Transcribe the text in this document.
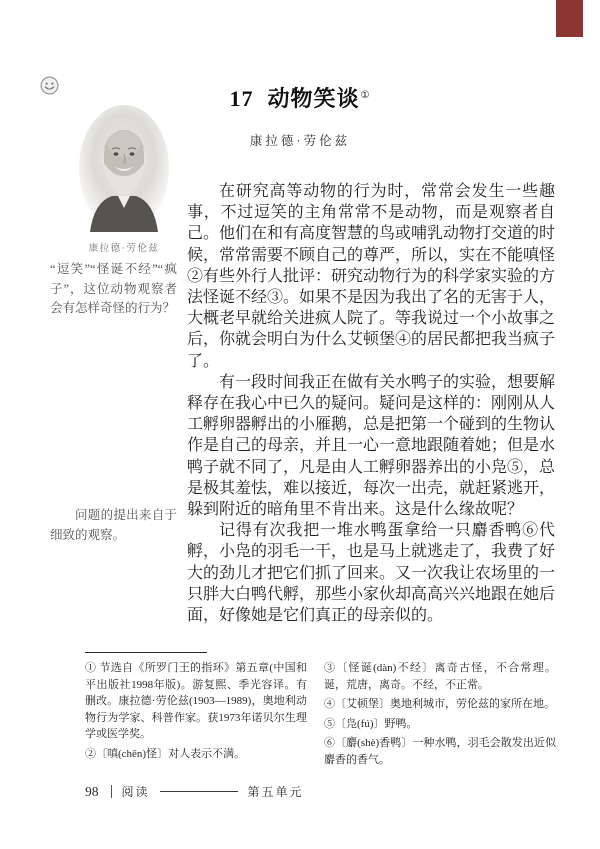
17 动物笑谈①
康拉德·劳伦兹
康拉德·劳伦兹
“逗笑”“怪诞不经”“疯子”，这位动物观察者会有怎样奇怪的行为？
问题的提出来自于细致的观察。

在研究高等动物的行为时，常常会发生一些趣事，不过逗笑的主角常常不是动物，而是观察者自己。他们在和有高度智慧的鸟或哺乳动物打交道的时候，常常需要不顾自己的尊严，所以，实在不能嗔怪②有些外行人批评：研究动物行为的科学家实验的方法怪诞不经③。如果不是因为我出了名的无害于人，大概老早就给关进疯人院了。等我说过一个小故事之后，你就会明白为什么艾顿堡④的居民都把我当疯子了。

有一段时间我正在做有关水鸭子的实验，想要解释存在我心中已久的疑问。疑问是这样的：刚刚从人工孵卵器孵出的小雁鹅，总是把第一个碰到的生物认作是自己的母亲，并且一心一意地跟随着她；但是水鸭子就不同了，凡是由人工孵卵器养出的小凫⑤，总是极其羞怯，难以接近，每次一出壳，就赶紧逃开，躲到附近的暗角里不肯出来。这是什么缘故呢？

记得有次我把一堆水鸭蛋拿给一只麝香鸭⑥代孵，小凫的羽毛一干，也是马上就逃走了，我费了好大的劲儿才把它们抓了回来。又一次我让农场里的一只胖大白鸭代孵，那些小家伙却高高兴兴地跟在她后面，好像她是它们真正的母亲似的。

① 节选自《所罗门王的指环》第五章(中国和平出版社1998年版)。游复熙、季光容译。有删改。康拉德·劳伦兹(1903—1989)，奥地利动物行为学家、科普作家。获1973年诺贝尔生理学或医学奖。

②〔嗔(chēn)怪〕对人表示不满。

③〔怪诞(dàn)不经〕离奇古怪，不合常理。诞，荒唐，离奇。不经，不正常。

④〔艾顿堡〕奥地利城市，劳伦兹的家所在地。

⑤〔凫(fú)〕野鸭。

⑥〔麝(shè)香鸭〕一种水鸭，羽毛会散发出近似麝香的香气。

98 阅读	第五单元
